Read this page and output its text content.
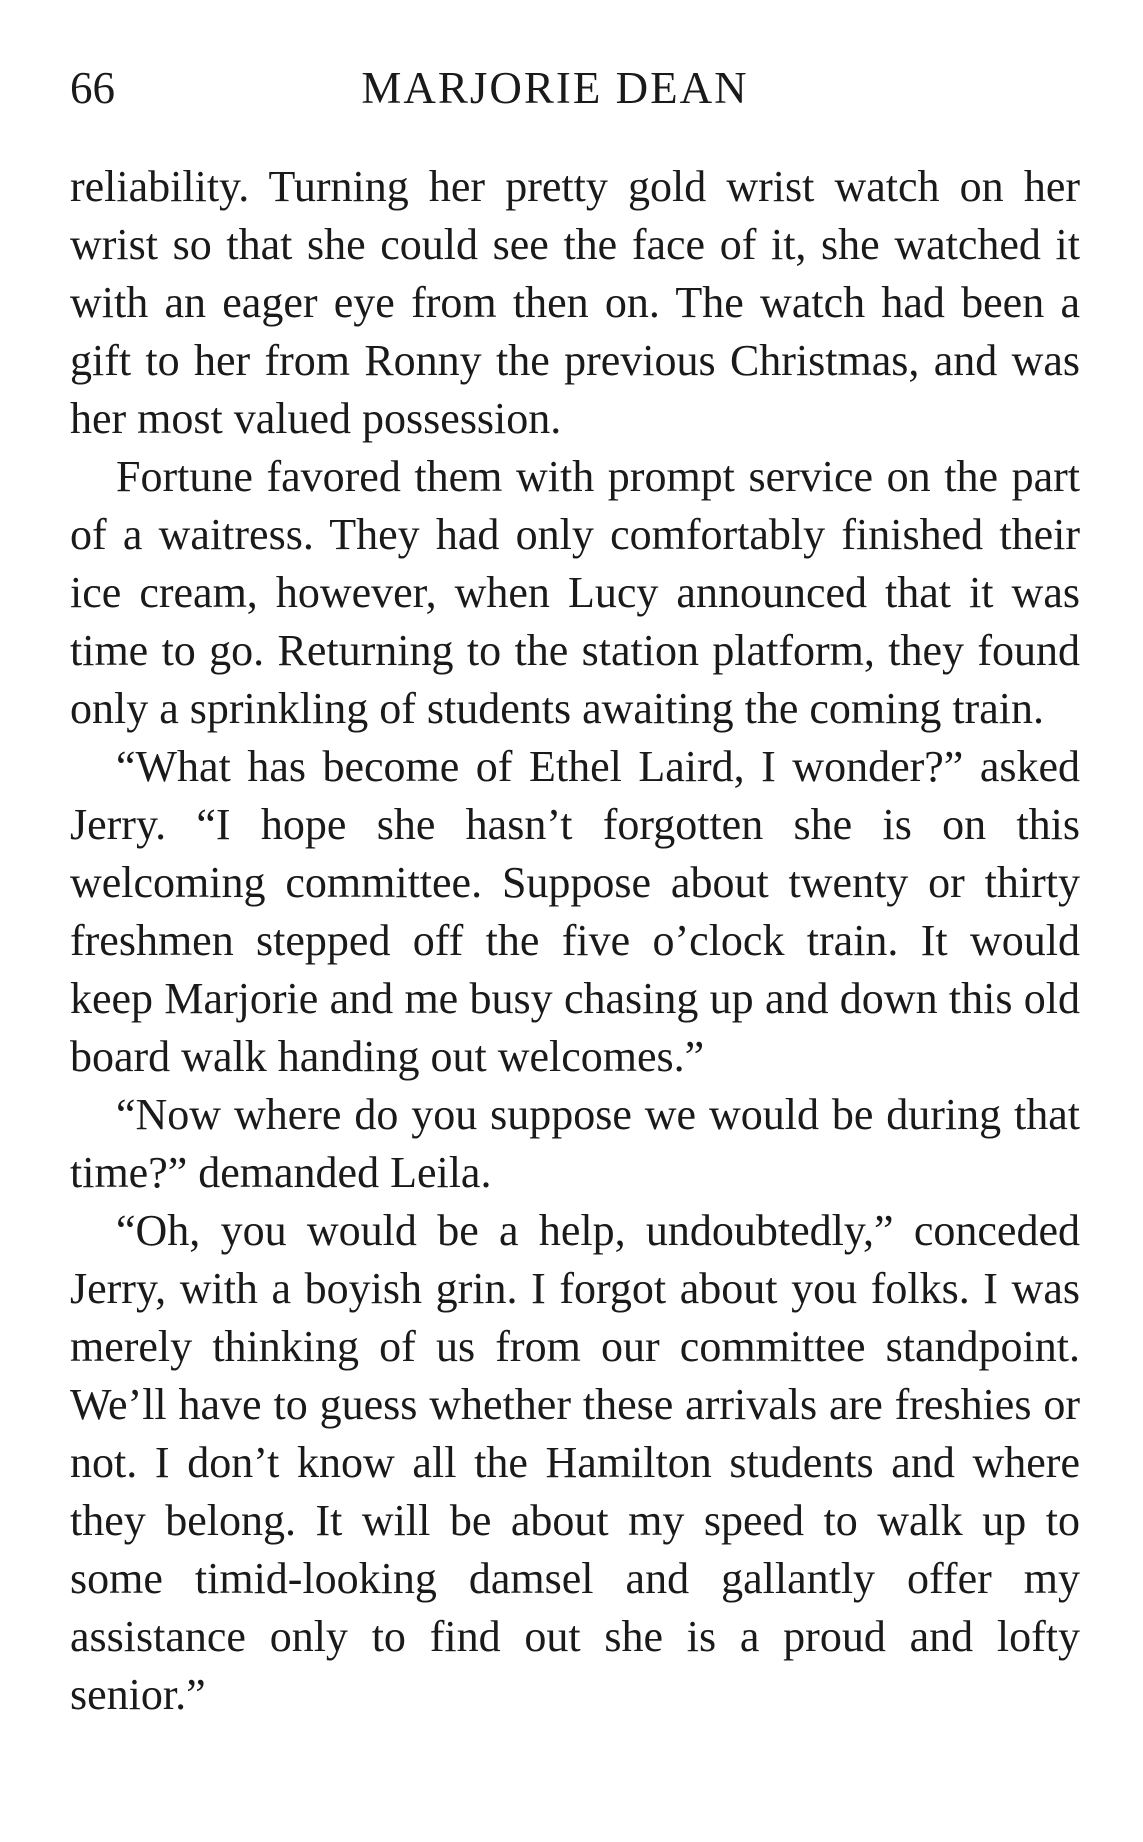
66	MARJORIE DEAN

reliability. Turning her pretty gold wrist watch on her wrist so that she could see the face of it, she watched it with an eager eye from then on. The watch had been a gift to her from Ronny the previous Christmas, and was her most valued possession.

Fortune favored them with prompt service on the part of a waitress. They had only comfortably finished their ice cream, however, when Lucy announced that it was time to go. Returning to the station platform, they found only a sprinkling of students awaiting the coming train.

“What has become of Ethel Laird, I wonder?” asked Jerry. “I hope she hasn’t forgotten she is on this welcoming committee. Suppose about twenty or thirty freshmen stepped off the five o’clock train. It would keep Marjorie and me busy chasing up and down this old board walk handing out welcomes.”

“Now where do you suppose we would be during that time?” demanded Leila.

“Oh, you would be a help, undoubtedly,” conceded Jerry, with a boyish grin. I forgot about you folks. I was merely thinking of us from our committee standpoint. We’ll have to guess whether these arrivals are freshies or not. I don’t know all the Hamilton students and where they belong. It will be about my speed to walk up to some timid-looking damsel and gallantly offer my assistance only to find out she is a proud and lofty senior.”
